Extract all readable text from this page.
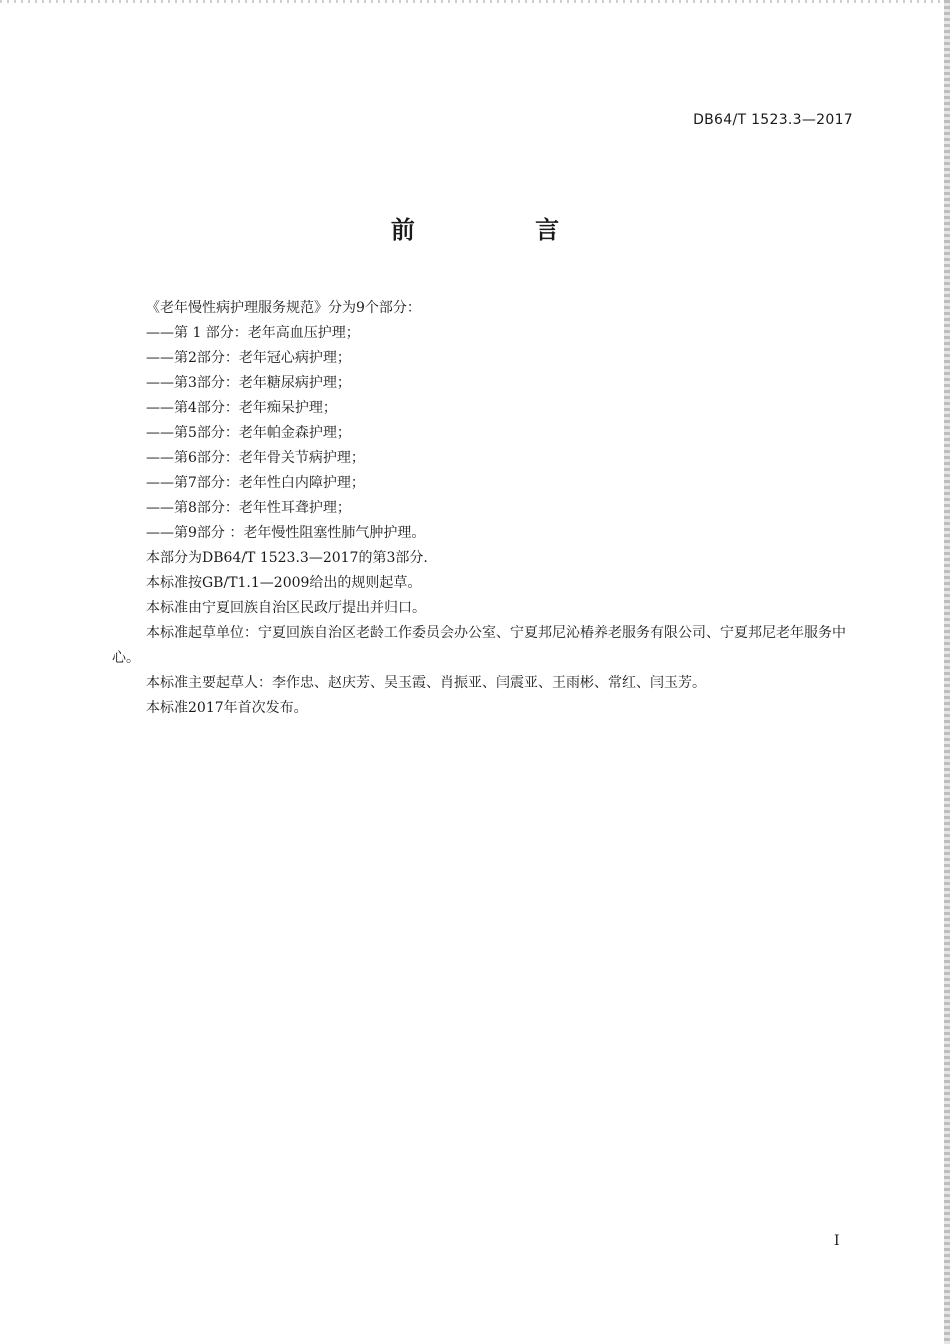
DB64/T 1523.3—2017
前 言

《老年慢性病护理服务规范》分为9个部分：

——第 1 部分：老年高血压护理；

——第2部分：老年冠心病护理；

——第3部分：老年糖尿病护理；

——第4部分：老年痴呆护理；

——第5部分：老年帕金森护理；

——第6部分：老年骨关节病护理；

——第7部分：老年性白内障护理；

——第8部分：老年性耳聋护理；

——第9部分 ：老年慢性阻塞性肺气肿护理。

本部分为DB64/T 1523.3—2017的第3部分.

本标准按GB/T1.1—2009给出的规则起草。

本标准由宁夏回族自治区民政厅提出并归口。

本标准起草单位：宁夏回族自治区老龄工作委员会办公室、宁夏邦尼沁椿养老服务有限公司、宁夏邦尼老年服务中心。

本标准主要起草人：李作忠、赵庆芳、吴玉霞、肖振亚、闫震亚、王雨彬、常红、闫玉芳。

本标准2017年首次发布。

I
